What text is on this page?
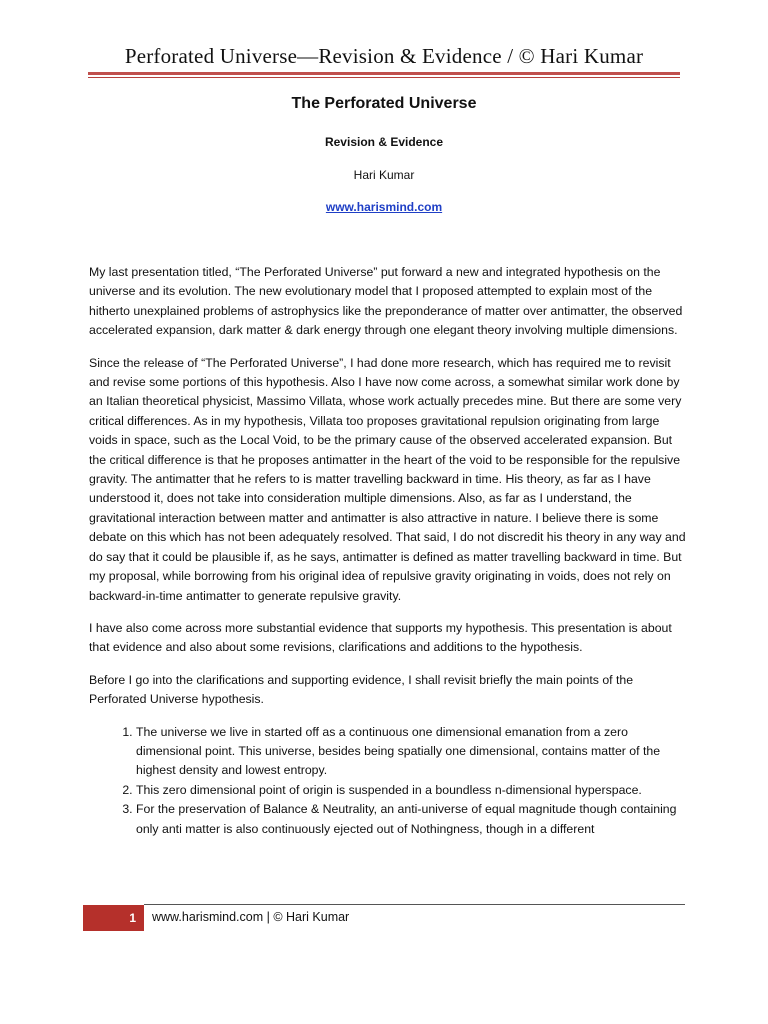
Perforated Universe—Revision & Evidence / © Hari Kumar
The Perforated Universe
Revision & Evidence
Hari Kumar
www.harismind.com

My last presentation titled, “The Perforated Universe” put forward a new and integrated hypothesis on the universe and its evolution. The new evolutionary model that I proposed attempted to explain most of the hitherto unexplained problems of astrophysics like the preponderance of matter over antimatter, the observed accelerated expansion, dark matter & dark energy through one elegant theory involving multiple dimensions.

Since the release of “The Perforated Universe”, I had done more research, which has required me to revisit and revise some portions of this hypothesis. Also I have now come across, a somewhat similar work done by an Italian theoretical physicist, Massimo Villata, whose work actually precedes mine. But there are some very critical differences. As in my hypothesis, Villata too proposes gravitational repulsion originating from large voids in space, such as the Local Void, to be the primary cause of the observed accelerated expansion. But the critical difference is that he proposes antimatter in the heart of the void to be responsible for the repulsive gravity. The antimatter that he refers to is matter travelling backward in time. His theory, as far as I have understood it, does not take into consideration multiple dimensions. Also, as far as I understand, the gravitational interaction between matter and antimatter is also attractive in nature. I believe there is some debate on this which has not been adequately resolved. That said, I do not discredit his theory in any way and do say that it could be plausible if, as he says, antimatter is defined as matter travelling backward in time. But my proposal, while borrowing from his original idea of repulsive gravity originating in voids, does not rely on backward-in-time antimatter to generate repulsive gravity.

I have also come across more substantial evidence that supports my hypothesis. This presentation is about that evidence and also about some revisions, clarifications and additions to the hypothesis.

Before I go into the clarifications and supporting evidence, I shall revisit briefly the main points of the Perforated Universe hypothesis.

1. The universe we live in started off as a continuous one dimensional emanation from a zero dimensional point. This universe, besides being spatially one dimensional, contains matter of the highest density and lowest entropy.
2. This zero dimensional point of origin is suspended in a boundless n-dimensional hyperspace.
3. For the preservation of Balance & Neutrality, an anti-universe of equal magnitude though containing only anti matter is also continuously ejected out of Nothingness, though in a different
1	www.harismind.com | © Hari Kumar
